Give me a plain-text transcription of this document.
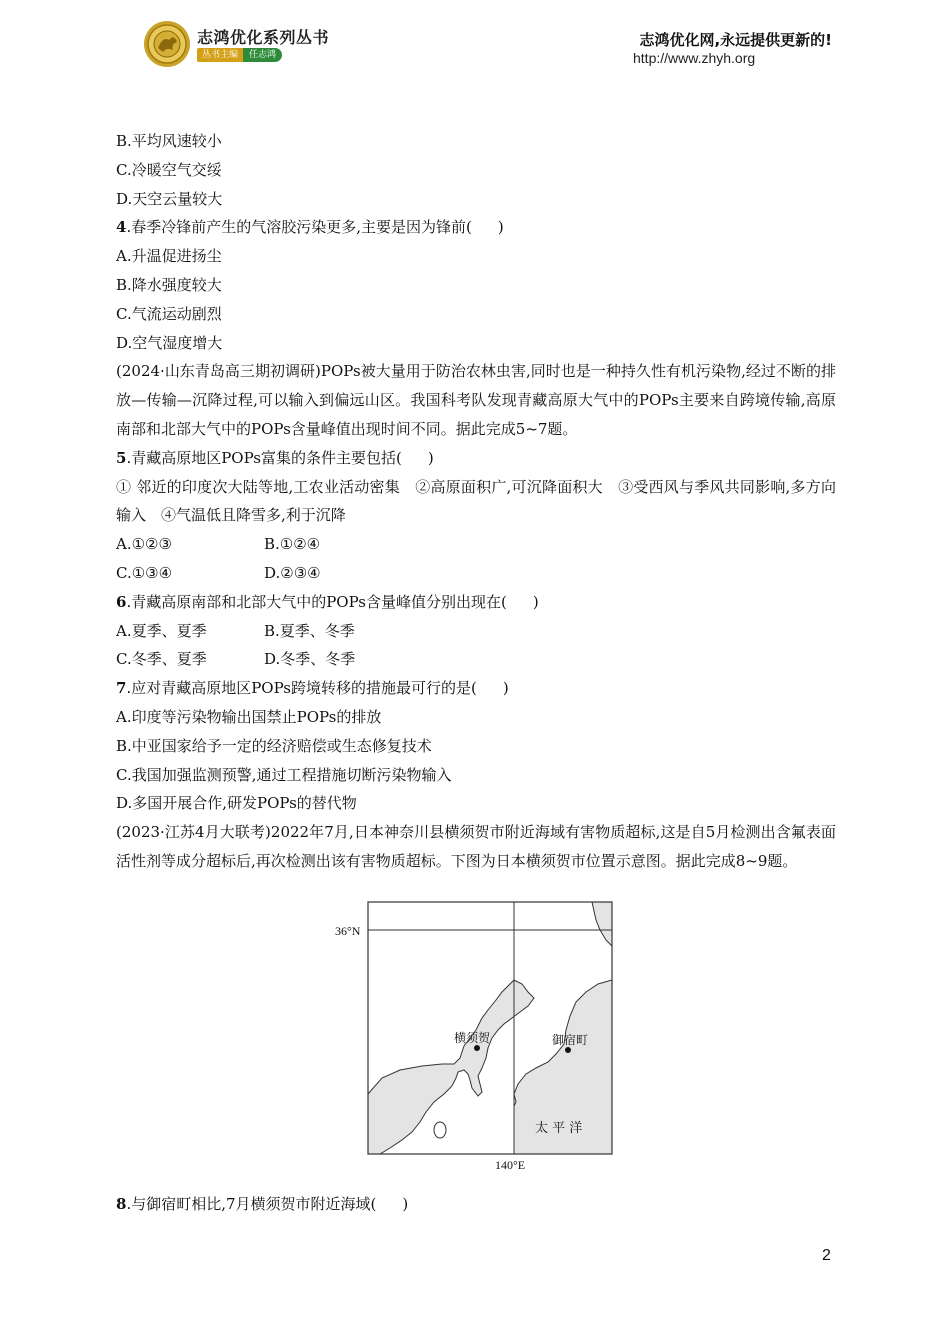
志鸿优化系列丛书
丛书主编	任志鸿
志鸿优化网,永远提供更新的!
http://www.zhyh.org
B.平均风速较小
C.冷暖空气交绥
D.天空云量较大
4.春季冷锋前产生的气溶胶污染更多,主要是因为锋前( )
A.升温促进扬尘
B.降水强度较大
C.气流运动剧烈
D.空气湿度增大
(2024·山东青岛高三期初调研)POPs被大量用于防治农林虫害,同时也是一种持久性有机污染物,经过不断的排放—传输—沉降过程,可以输入到偏远山区。我国科考队发现青藏高原大气中的POPs主要来自跨境传输,高原南部和北部大气中的POPs含量峰值出现时间不同。据此完成5~7题。
5.青藏高原地区POPs富集的条件主要包括( )
① 邻近的印度次大陆等地,工农业活动密集　②高原面积广,可沉降面积大　③受西风与季风共同影响,多方向输入　④气温低且降雪多,利于沉降
A.①②③	B.①②④
C.①③④	D.②③④
6.青藏高原南部和北部大气中的POPs含量峰值分别出现在( )
A.夏季、夏季	B.夏季、冬季
C.冬季、夏季	D.冬季、冬季
7.应对青藏高原地区POPs跨境转移的措施最可行的是( )
A.印度等污染物输出国禁止POPs的排放
B.中亚国家给予一定的经济赔偿或生态修复技术
C.我国加强监测预警,通过工程措施切断污染物输入
D.多国开展合作,研发POPs的替代物
(2023·江苏4月大联考)2022年7月,日本神奈川县横须贺市附近海域有害物质超标,这是自5月检测出含氟表面活性剂等成分超标后,再次检测出该有害物质超标。下图为日本横须贺市位置示意图。据此完成8~9题。
横须贺	御宿町
太 平 洋
36°N
140°E
8.与御宿町相比,7月横须贺市附近海域( )
2
